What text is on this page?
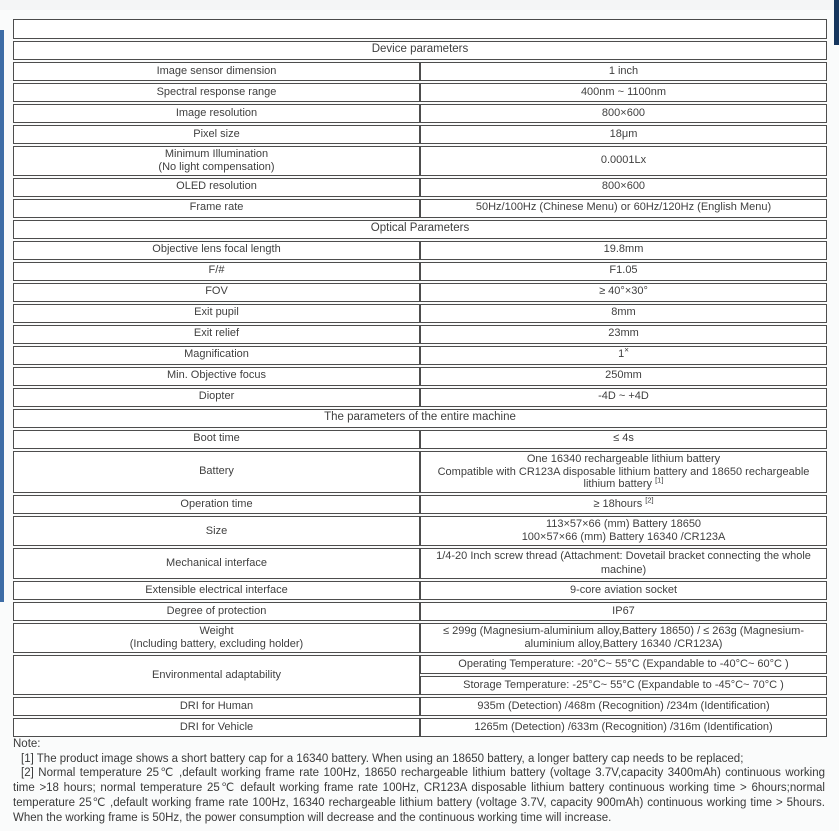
Main Technical Parameters	
Device parameters	
Image sensor dimension	1 inch
Spectral response range	400nm ~ 1100nm
Image resolution	800×600
Pixel size	18μm

Minimum Illumination
(No light compensation)	0.0001Lx
OLED resolution	800×600
Frame rate	50Hz/100Hz (Chinese Menu) or 60Hz/120Hz (English Menu)
Optical Parameters	
Objective lens focal length	19.8mm
F/#	F1.05
FOV	≥ 40°×30°
Exit pupil	8mm
Exit relief	23mm
Magnification	1×
Min. Objective focus	250mm
Diopter	-4D ~ +4D
The parameters of the entire machine	
Boot time	≤ 4s
Battery	One 16340 rechargeable lithium battery
Compatible with CR123A disposable lithium battery and 18650 rechargeable lithium battery [1]

Operation time	≥ 18hours [2]
Size	113×57×66 (mm) Battery 18650
100×57×66 (mm) Battery 16340 /CR123A

Mechanical interface	1/4-20 Inch screw thread (Attachment: Dovetail bracket connecting the whole machine)
Extensible electrical interface	9-core aviation socket
Degree of protection	IP67

Weight
(Including battery, excluding holder)	≤ 299g (Magnesium-aluminium alloy,Battery 18650) / ≤ 263g (Magnesium-aluminium alloy,Battery 16340 /CR123A)
Environmental adaptability	Operating Temperature: -20°C~ 55°C (Expandable to -40°C~ 60°C )
	Storage Temperature: -25°C~ 55°C (Expandable to -45°C~ 70°C )
DRI for Human	935m (Detection) /468m (Recognition) /234m (Identification)
DRI for Vehicle	1265m (Detection) /633m (Recognition) /316m (Identification)
Note:

[1] The product image shows a short battery cap for a 16340 battery. When using an 18650 battery, a longer battery cap needs to be replaced;

[2] Normal temperature 25℃ ,default working frame rate 100Hz, 18650 rechargeable lithium battery (voltage 3.7V,capacity 3400mAh) continuous working time >18 hours; normal temperature 25℃ default working frame rate 100Hz, CR123A disposable lithium battery continuous working time > 6hours;normal temperature 25℃ ,default working frame rate 100Hz, 16340 rechargeable lithium battery (voltage 3.7V, capacity 900mAh) continuous working time > 5hours. When the working frame is 50Hz, the power consumption will decrease and the continuous working time will increase.
